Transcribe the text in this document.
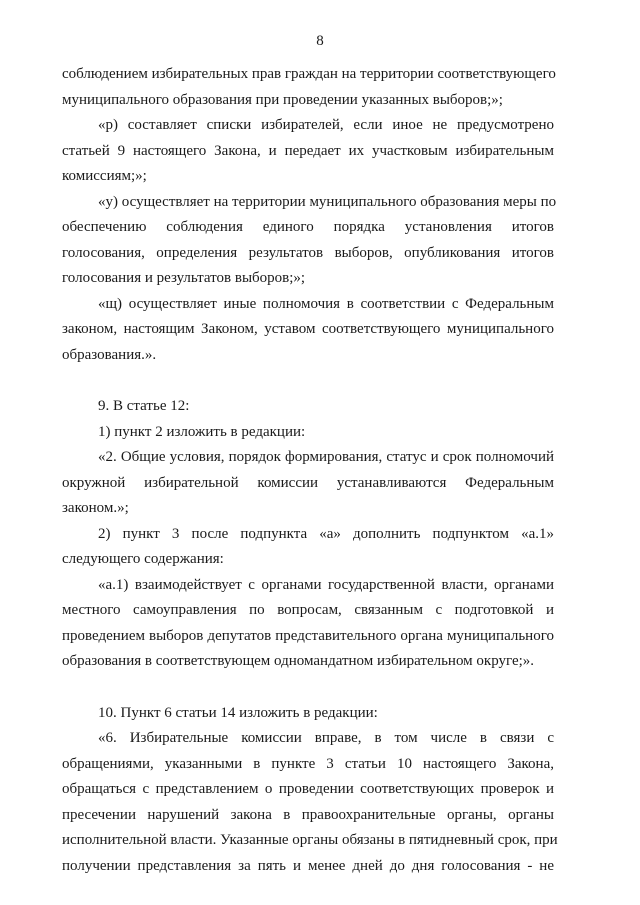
8
соблюдением избирательных прав граждан на территории соответствующего
муниципального образования при проведении указанных выборов;»;
«р) составляет списки избирателей, если иное не предусмотрено
статьей 9 настоящего Закона, и передает их участковым избирательным
комиссиям;»;
«у) осуществляет на территории муниципального образования меры по
обеспечению соблюдения единого порядка установления итогов
голосования, определения результатов выборов, опубликования итогов
голосования и результатов выборов;»;
«щ) осуществляет иные полномочия в соответствии с Федеральным
законом, настоящим Законом, уставом соответствующего муниципального
образования.».
9. В статье 12:
1) пункт 2 изложить в редакции:
«2. Общие условия, порядок формирования, статус и срок полномочий
окружной избирательной комиссии устанавливаются Федеральным
законом.»;
2) пункт 3 после подпункта «а» дополнить подпунктом «а.1»
следующего содержания:
«а.1) взаимодействует с органами государственной власти, органами
местного самоуправления по вопросам, связанным с подготовкой и
проведением выборов депутатов представительного органа муниципального
образования в соответствующем одномандатном избирательном округе;».
10. Пункт 6 статьи 14 изложить в редакции:
«6. Избирательные комиссии вправе, в том числе в связи с
обращениями, указанными в пункте 3 статьи 10 настоящего Закона,
обращаться с представлением о проведении соответствующих проверок и
пресечении нарушений закона в правоохранительные органы, органы
исполнительной власти. Указанные органы обязаны в пятидневный срок, при
получении представления за пять и менее дней до дня голосования - не
